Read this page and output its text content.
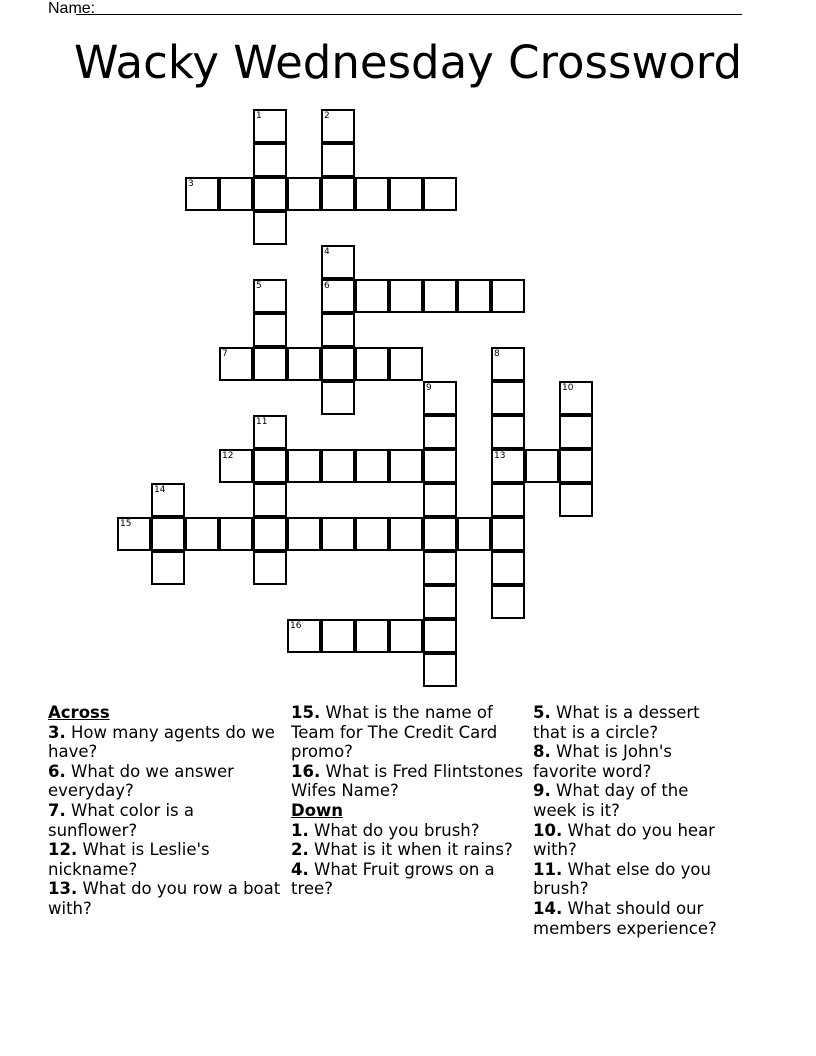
Name:
Wacky Wednesday Crossword
1	2
3
4
6
5
7	8
13
9	10
11
12
14
15
16
Across
3. How many agents do we have?
6. What do we answer everyday?
7. What color is a sunflower?
12. What is Leslie's nickname?
13. What do you row a boat with?
15. What is the name of Team for The Credit Card promo?
16. What is Fred Flintstones Wifes Name?
Down
1. What do you brush?
2. What is it when it rains?
4. What Fruit grows on a tree?
5. What is a dessert that is a circle?
8. What is John's favorite word?
9. What day of the week is it?
10. What do you hear with?
11. What else do you brush?
14. What should our members experience?
